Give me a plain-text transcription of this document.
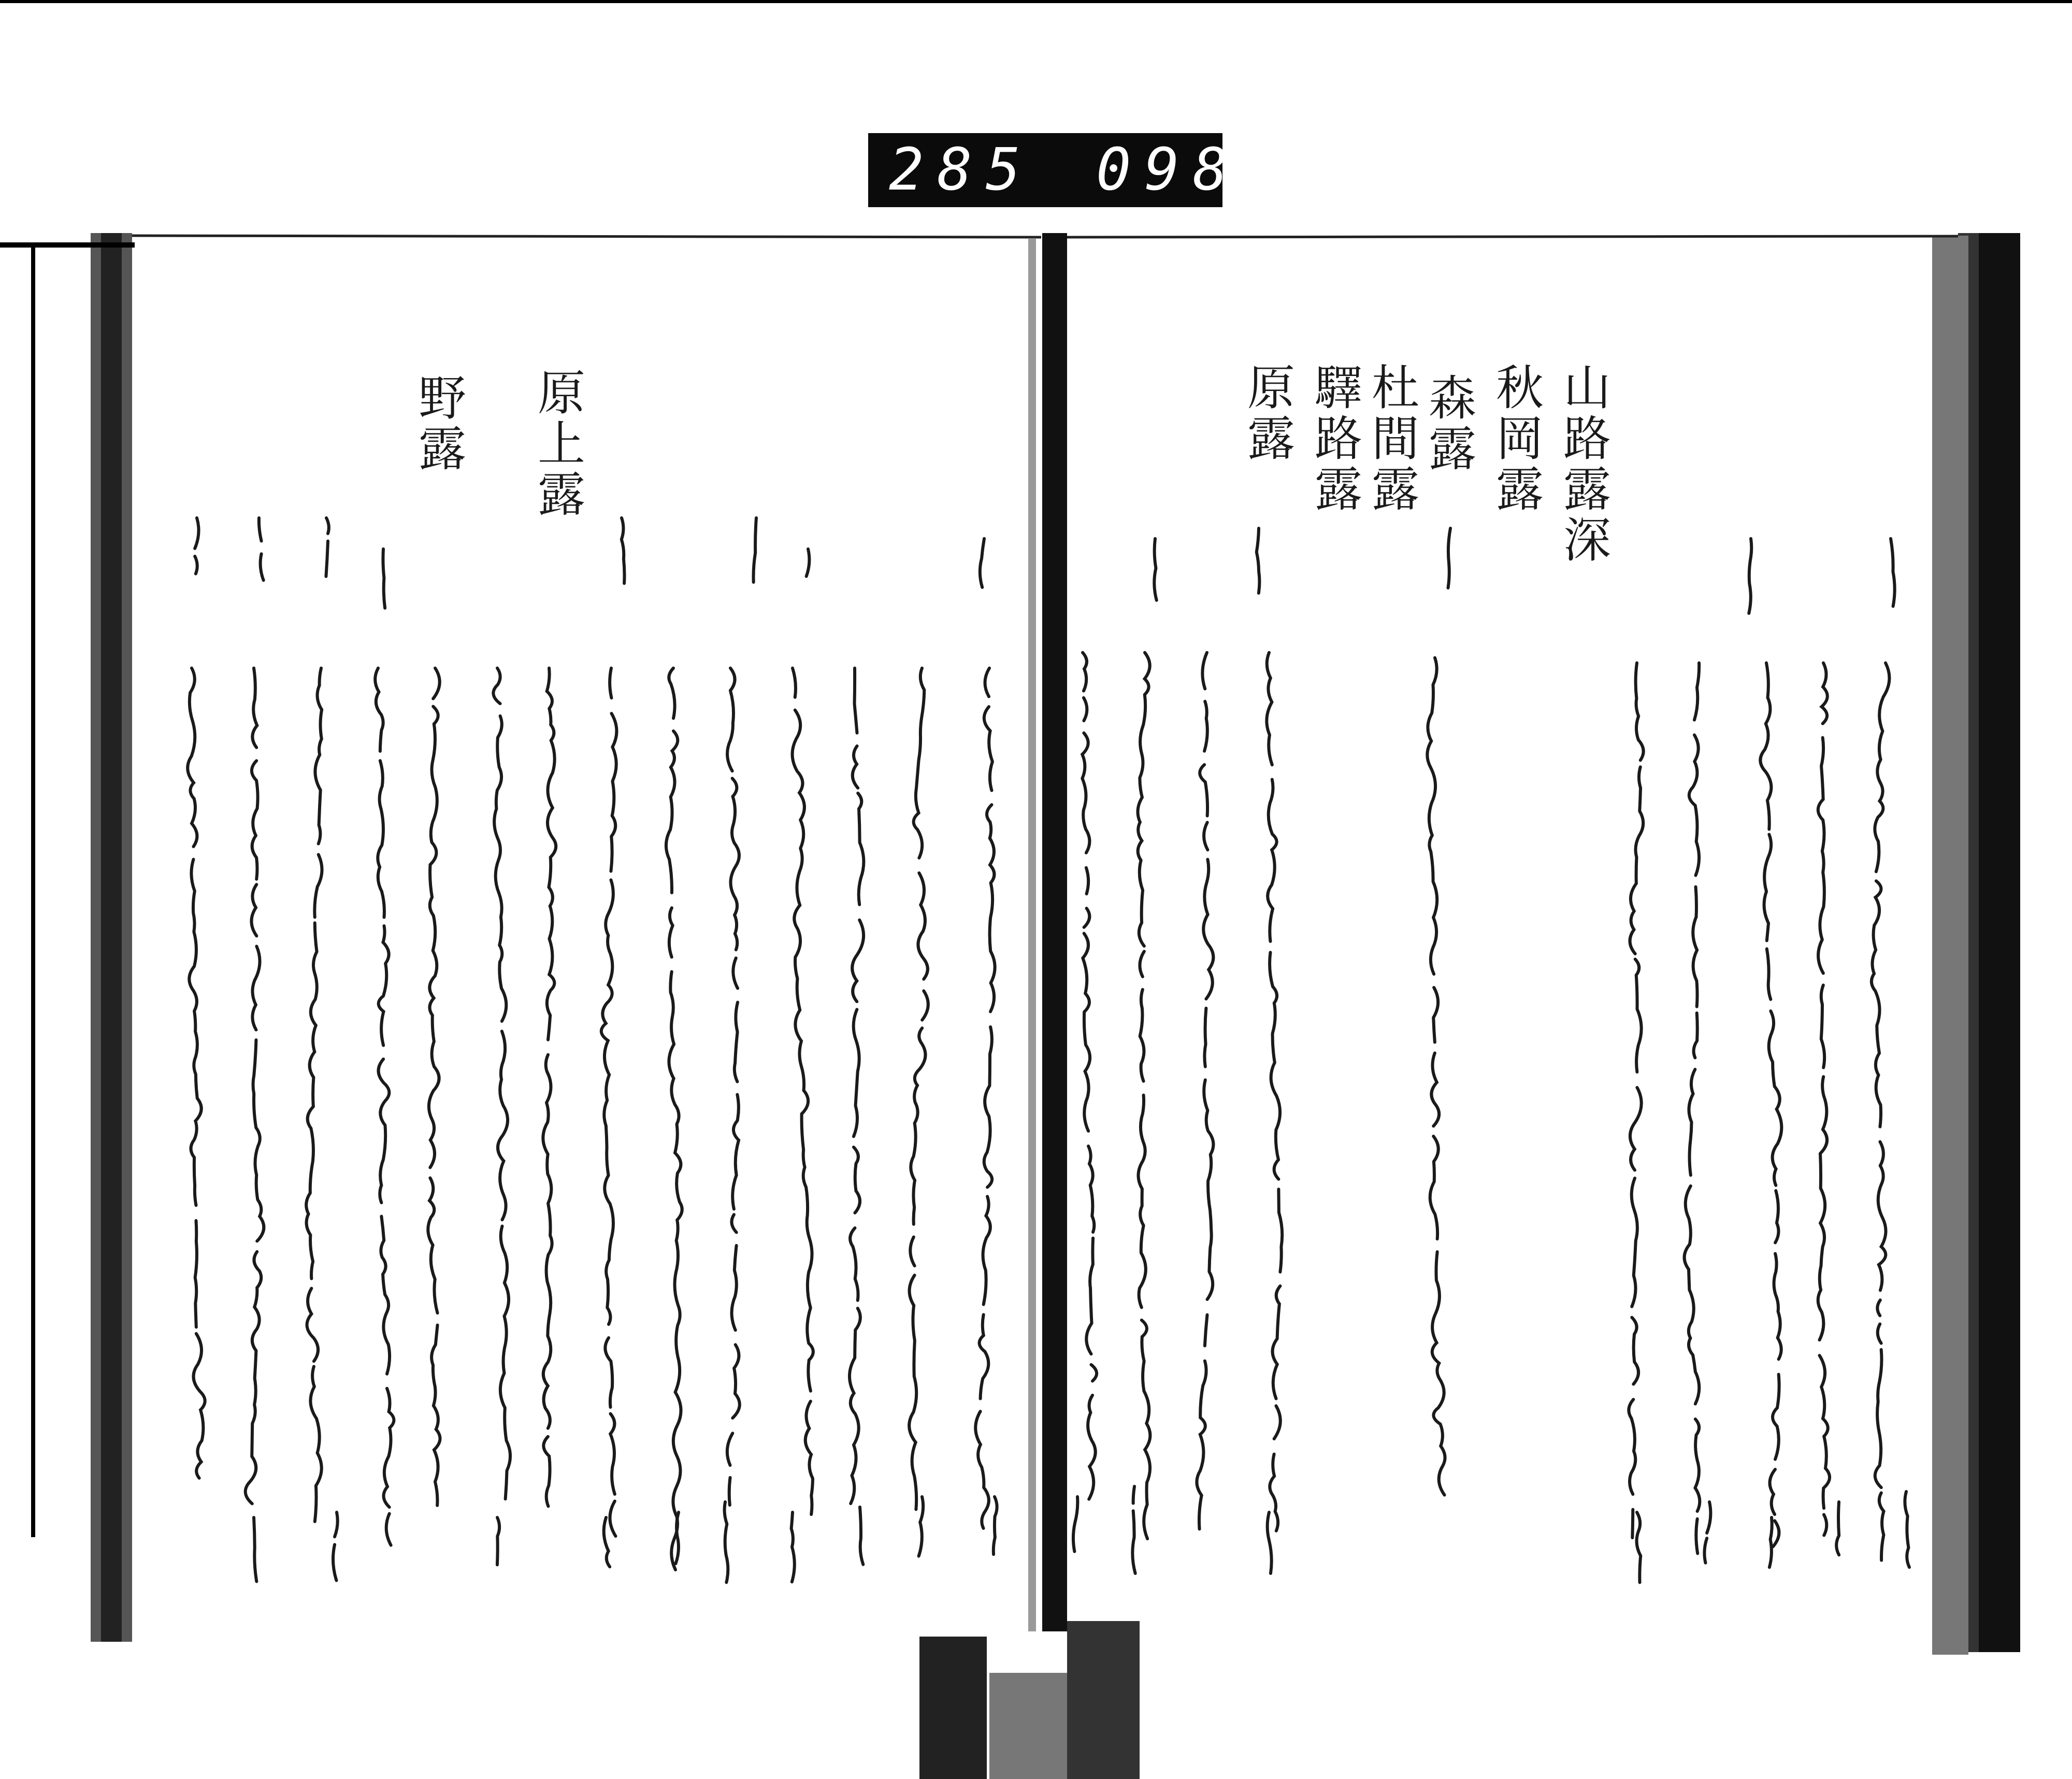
285 098
山路露深
秋岡露
森露
杜間露
驛路露
原露
原上露
野露
